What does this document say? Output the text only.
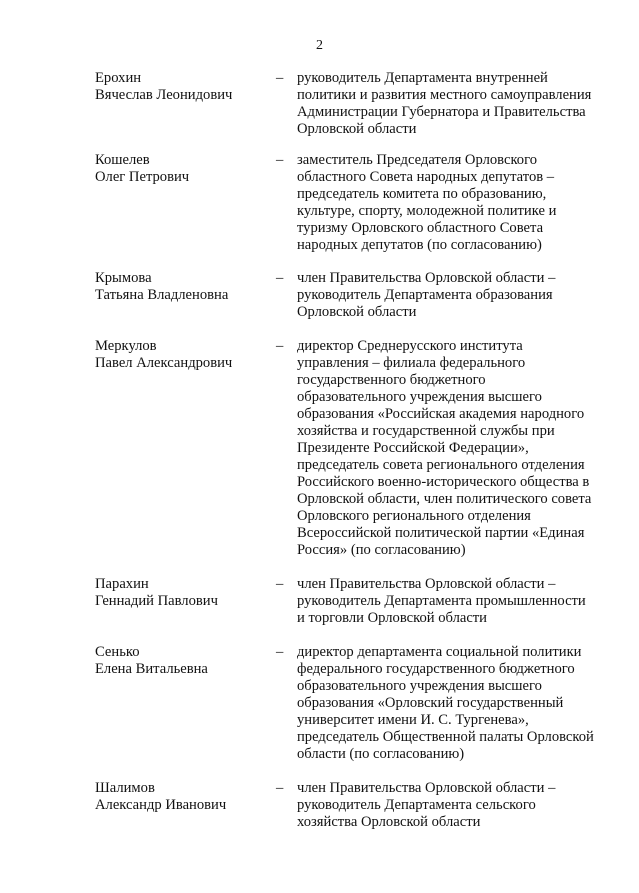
2
Ерохин
Вячеслав Леонидович
– руководитель Департамента внутренней
политики и развития местного самоуправления
Администрации Губернатора и Правительства
Орловской области
Кошелев
Олег Петрович
– заместитель Председателя Орловского
областного Совета народных депутатов –
председатель комитета по образованию,
культуре, спорту, молодежной политике и
туризму Орловского областного Совета
народных депутатов (по согласованию)
Крымова
Татьяна Владленовна
– член Правительства Орловской области –
руководитель Департамента образования
Орловской области
Меркулов
Павел Александрович
– директор Среднерусского института
управления – филиала федерального
государственного бюджетного
образовательного учреждения высшего
образования «Российская академия народного
хозяйства и государственной службы при
Президенте Российской Федерации»,
председатель совета регионального отделения
Российского военно-исторического общества в
Орловской области, член политического совета
Орловского регионального отделения
Всероссийской политической партии «Единая
Россия» (по согласованию)
Парахин
Геннадий Павлович
– член Правительства Орловской области –
руководитель Департамента промышленности
и торговли Орловской области
Сенько
Елена Витальевна
– директор департамента социальной политики
федерального государственного бюджетного
образовательного учреждения высшего
образования «Орловский государственный
университет имени И. С. Тургенева»,
председатель Общественной палаты Орловской
области (по согласованию)
Шалимов
Александр Иванович
– член Правительства Орловской области –
руководитель Департамента сельского
хозяйства Орловской области
